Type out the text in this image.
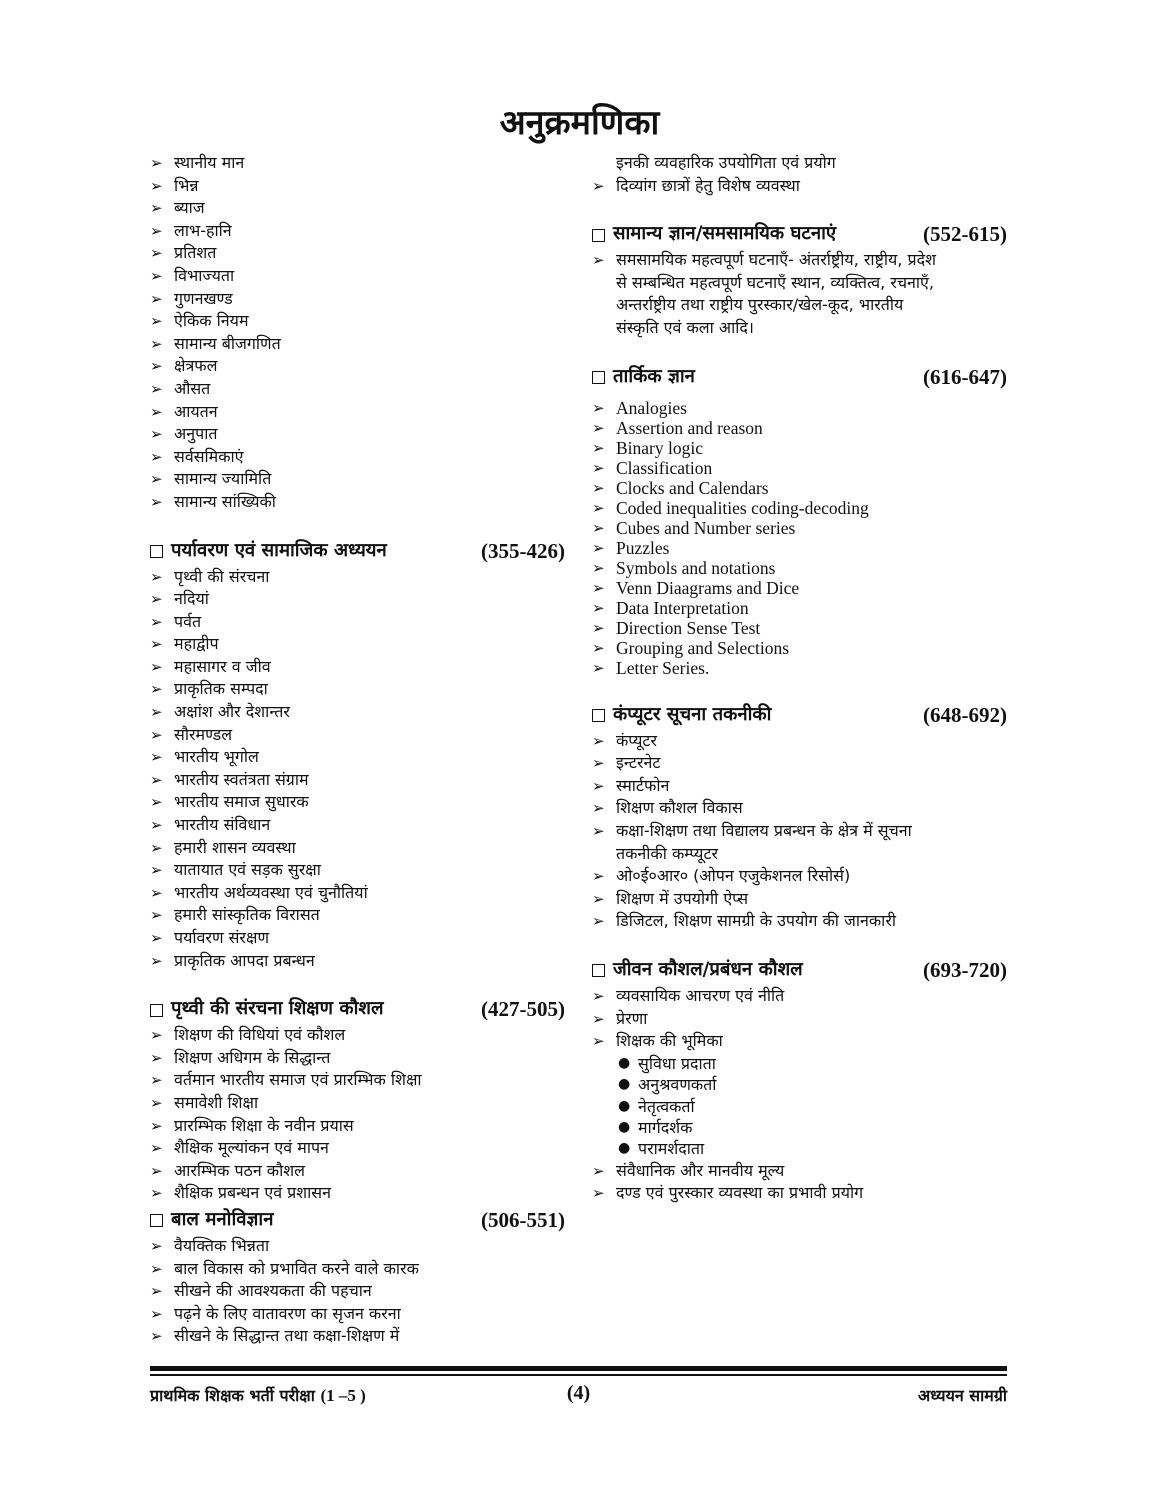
अनुक्रमणिका
➢ स्थानीय मान
➢ भिन्न
➢ ब्याज
➢ लाभ-हानि
➢ प्रतिशत
➢ विभाज्यता
➢ गुणनखण्ड
➢ ऐकिक नियम
➢ सामान्य बीजगणित
➢ क्षेत्रफल
➢ औसत
➢ आयतन
➢ अनुपात
➢ सर्वसमिकाएं
➢ सामान्य ज्यामिति
➢ सामान्य सांख्यिकी
पर्यावरण एवं सामाजिक अध्ययन	(355-426)
➢ पृथ्वी की संरचना
➢ नदियां
➢ पर्वत
➢ महाद्वीप
➢ महासागर व जीव
➢ प्राकृतिक सम्पदा
➢ अक्षांश और देशान्तर
➢ सौरमण्डल
➢ भारतीय भूगोल
➢ भारतीय स्वतंत्रता संग्राम
➢ भारतीय समाज सुधारक
➢ भारतीय संविधान
➢ हमारी शासन व्यवस्था
➢ यातायात एवं सड़क सुरक्षा
➢ भारतीय अर्थव्यवस्था एवं चुनौतियां
➢ हमारी सांस्कृतिक विरासत
➢ पर्यावरण संरक्षण
➢ प्राकृतिक आपदा प्रबन्धन
पृथ्वी की संरचना शिक्षण कौशल	(427-505)
➢ शिक्षण की विधियां एवं कौशल
➢ शिक्षण अधिगम के सिद्धान्त
➢ वर्तमान भारतीय समाज एवं प्रारम्भिक शिक्षा
➢ समावेशी शिक्षा
➢ प्रारम्भिक शिक्षा के नवीन प्रयास
➢ शैक्षिक मूल्यांकन एवं मापन
➢ आरम्भिक पठन कौशल
➢ शैक्षिक प्रबन्धन एवं प्रशासन
बाल मनोविज्ञान	(506-551)
➢ वैयक्तिक भिन्नता
➢ बाल विकास को प्रभावित करने वाले कारक
➢ सीखने की आवश्यकता की पहचान
➢ पढ़ने के लिए वातावरण का सृजन करना
➢ सीखने के सिद्धान्त तथा कक्षा-शिक्षण में
इनकी व्यवहारिक उपयोगिता एवं प्रयोग
➢ दिव्यांग छात्रों हेतु विशेष व्यवस्था
सामान्य ज्ञान/समसामयिक घटनाएं	(552-615)
➢ समसामयिक महत्वपूर्ण घटनाएँ- अंतर्राष्ट्रीय, राष्ट्रीय, प्रदेश
से सम्बन्धित महत्वपूर्ण घटनाएँ स्थान, व्यक्तित्व, रचनाएँ,
अन्तर्राष्ट्रीय तथा राष्ट्रीय पुरस्कार/खेल-कूद, भारतीय
संस्कृति एवं कला आदि।
तार्किक ज्ञान	(616-647)
➢ Analogies
➢ Assertion and reason
➢ Binary logic
➢ Classification
➢ Clocks and Calendars
➢ Coded inequalities coding-decoding
➢ Cubes and Number series
➢ Puzzles
➢ Symbols and notations
➢ Venn Diaagrams and Dice
➢ Data Interpretation
➢ Direction Sense Test
➢ Grouping and Selections
➢ Letter Series.
कंप्यूटर सूचना तकनीकी	(648-692)
➢ कंप्यूटर
➢ इन्टरनेट
➢ स्मार्टफोन
➢ शिक्षण कौशल विकास
➢ कक्षा-शिक्षण तथा विद्यालय प्रबन्धन के क्षेत्र में सूचना
तकनीकी कम्प्यूटर
➢ ओ०ई०आर० (ओपन एजुकेशनल रिसोर्स)
➢ शिक्षण में उपयोगी ऐप्स
➢ डिजिटल, शिक्षण सामग्री के उपयोग की जानकारी
जीवन कौशल/प्रबंधन कौशल	(693-720)
➢ व्यवसायिक आचरण एवं नीति
➢ प्रेरणा
➢ शिक्षक की भूमिका
● सुविधा प्रदाता
● अनुश्रवणकर्ता
● नेतृत्वकर्ता
● मार्गदर्शक
● परामर्शदाता
➢ संवैधानिक और मानवीय मूल्य
➢ दण्ड एवं पुरस्कार व्यवस्था का प्रभावी प्रयोग
प्राथमिक शिक्षक भर्ती परीक्षा (1 –5 )	(4)	अध्ययन सामग्री
